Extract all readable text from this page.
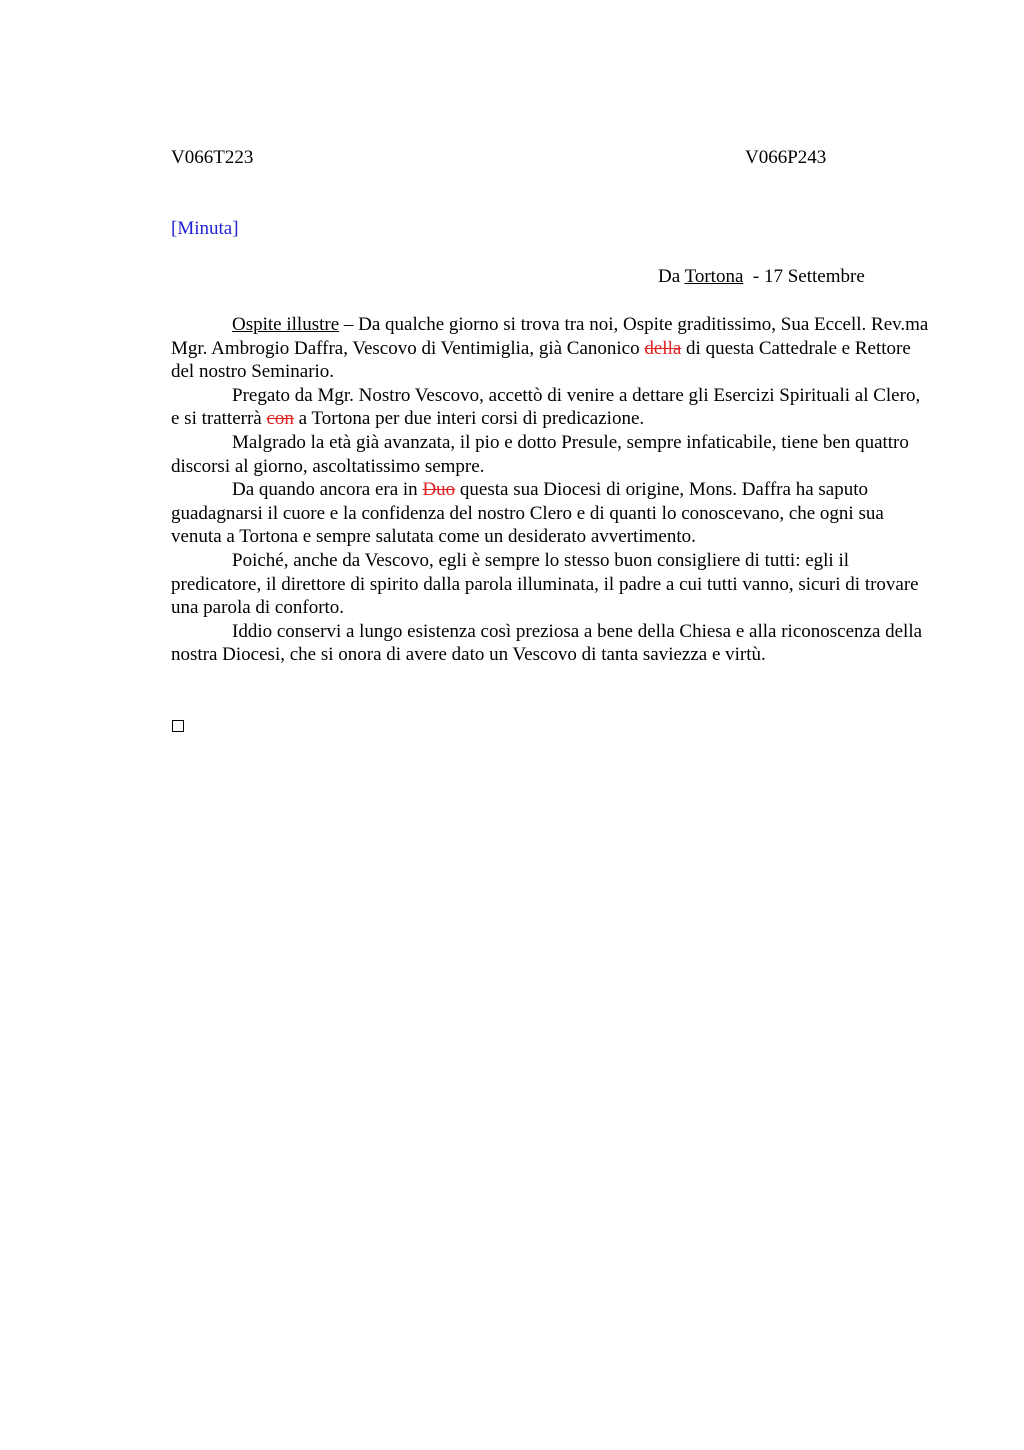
V066T223	V066P243
[Minuta]
Da Tortona  - 17 Settembre

Ospite illustre – Da qualche giorno si trova tra noi, Ospite graditissimo, Sua Eccell. Rev.ma Mgr. Ambrogio Daffra, Vescovo di Ventimiglia, già Canonico della di questa Cattedrale e Rettore del nostro Seminario.

Pregato da Mgr. Nostro Vescovo, accettò di venire a dettare gli Esercizi Spirituali al Clero, e si tratterrà con a Tortona per due interi corsi di predicazione.

Malgrado la età già avanzata, il pio e dotto Presule, sempre infaticabile, tiene ben quattro discorsi al giorno, ascoltatissimo sempre.

Da quando ancora era in Duo questa sua Diocesi di origine, Mons. Daffra ha saputo guadagnarsi il cuore e la confidenza del nostro Clero e di quanti lo conoscevano, che ogni sua venuta a Tortona e sempre salutata come un desiderato avvertimento.

Poiché, anche da Vescovo, egli è sempre lo stesso buon consigliere di tutti: egli il predicatore, il direttore di spirito dalla parola illuminata, il padre a cui tutti vanno, sicuri di trovare una parola di conforto.

Iddio conservi a lungo esistenza così preziosa a bene della Chiesa e alla riconoscenza della nostra Diocesi, che si onora di avere dato un Vescovo di tanta saviezza e virtù.
